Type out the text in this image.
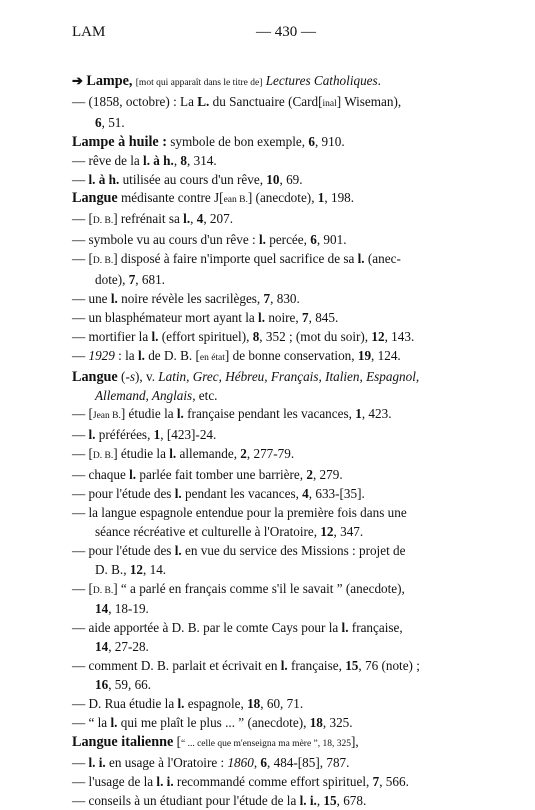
LAM	— 430 —
➔ Lampe, [mot qui apparaît dans le titre de] Lectures Catholiques.
— (1858, octobre) : La L. du Sanctuaire (Card[inal] Wiseman),
6, 51.
Lampe à huile : symbole de bon exemple, 6, 910.
— rêve de la l. à h., 8, 314.
— l. à h. utilisée au cours d'un rêve, 10, 69.
Langue médisante contre J[ean B.] (anecdote), 1, 198.
— [D. B.] refrénait sa l., 4, 207.
— symbole vu au cours d'un rêve : l. percée, 6, 901.
— [D. B.] disposé à faire n'importe quel sacrifice de sa l. (anec-
dote), 7, 681.
— une l. noire révèle les sacrilèges, 7, 830.
— un blasphémateur mort ayant la l. noire, 7, 845.
— mortifier la l. (effort spirituel), 8, 352 ; (mot du soir), 12, 143.
— 1929 : la l. de D. B. [en état] de bonne conservation, 19, 124.
Langue (-s), v. Latin, Grec, Hébreu, Français, Italien, Espagnol,
Allemand, Anglais, etc.
— [Jean B.] étudie la l. française pendant les vacances, 1, 423.
— l. préférées, 1, [423]-24.
— [D. B.] étudie la l. allemande, 2, 277-79.
— chaque l. parlée fait tomber une barrière, 2, 279.
— pour l'étude des l. pendant les vacances, 4, 633-[35].
— la langue espagnole entendue pour la première fois dans une
séance récréative et culturelle à l'Oratoire, 12, 347.
— pour l'étude des l. en vue du service des Missions : projet de
D. B., 12, 14.
— [D. B.] “ a parlé en français comme s'il le savait ” (anecdote),
14, 18-19.
— aide apportée à D. B. par le comte Cays pour la l. française,
14, 27-28.
— comment D. B. parlait et écrivait en l. française, 15, 76 (note) ;
16, 59, 66.
— D. Rua étudie la l. espagnole, 18, 60, 71.
— “ la l. qui me plaît le plus ... ” (anecdote), 18, 325.
Langue italienne [“ ... celle que m'enseigna ma mère ”, 18, 325],
— l. i. en usage à l'Oratoire : 1860, 6, 484-[85], 787.
— l'usage de la l. i. recommandé comme effort spirituel, 7, 566.
— conseils à un étudiant pour l'étude de la l. i., 15, 678.
